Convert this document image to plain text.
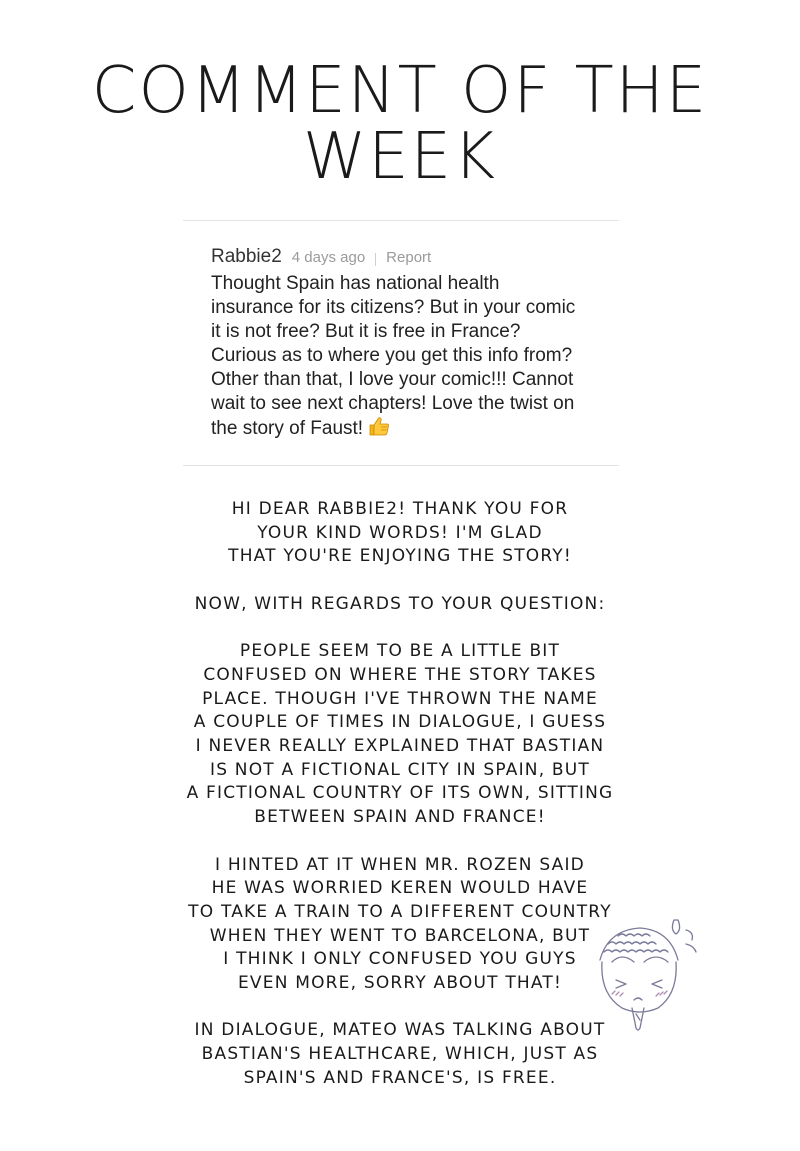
COMMENT OF THE
WEEK
Rabbie2 4 days ago Report
Thought Spain has national health
insurance for its citizens? But in your comic
it is not free? But it is free in France?
Curious as to where you get this info from?
Other than that, I love your comic!!! Cannot
wait to see next chapters! Love the twist on
the story of Faust!
HI DEAR RABBIE2! THANK YOU FOR
YOUR KIND WORDS! I'M GLAD
THAT YOU'RE ENJOYING THE STORY!
NOW, WITH REGARDS TO YOUR QUESTION:
PEOPLE SEEM TO BE A LITTLE BIT
CONFUSED ON WHERE THE STORY TAKES
PLACE. THOUGH I'VE THROWN THE NAME
A COUPLE OF TIMES IN DIALOGUE, I GUESS
I NEVER REALLY EXPLAINED THAT BASTIAN
IS NOT A FICTIONAL CITY IN SPAIN, BUT
A FICTIONAL COUNTRY OF ITS OWN, SITTING
BETWEEN SPAIN AND FRANCE!
I HINTED AT IT WHEN MR. ROZEN SAID
HE WAS WORRIED KEREN WOULD HAVE
TO TAKE A TRAIN TO A DIFFERENT COUNTRY
WHEN THEY WENT TO BARCELONA, BUT
I THINK I ONLY CONFUSED YOU GUYS
EVEN MORE, SORRY ABOUT THAT!
IN DIALOGUE, MATEO WAS TALKING ABOUT
BASTIAN'S HEALTHCARE, WHICH, JUST AS
SPAIN'S AND FRANCE'S, IS FREE.
